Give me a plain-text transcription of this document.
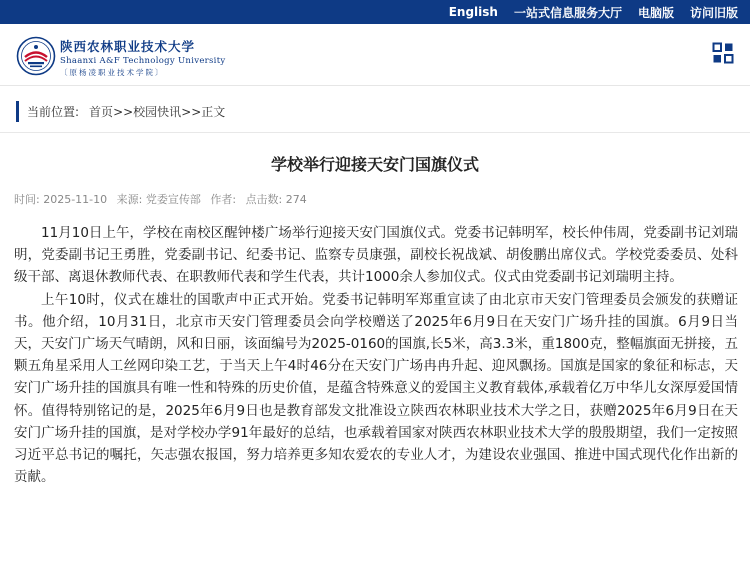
English 一站式信息服务大厅 电脑版 访问旧版
陕西农林职业技术大学
Shaanxi A&F Technology University
〔原杨凌职业技术学院〕
当前位置: 首页 >> 校园快讯 >> 正文
学校举行迎接天安门国旗仪式
时间: 2025-11-10 来源: 党委宣传部 作者: 点击数: 274

11月10日上午，学校在南校区醒钟楼广场举行迎接天安门国旗仪式。党委书记韩明军，校长仲伟周，党委副书记刘瑞明，党委副书记王勇胜，党委副书记、纪委书记、监察专员康强，副校长祝战斌、胡俊鹏出席仪式。学校党委委员、处科级干部、离退休教师代表、在职教师代表和学生代表，共计1000余人参加仪式。仪式由党委副书记刘瑞明主持。

上午10时，仪式在雄壮的国歌声中正式开始。党委书记韩明军郑重宣读了由北京市天安门管理委员会颁发的获赠证书。他介绍，10月31日，北京市天安门管理委员会向学校赠送了2025年6月9日在天安门广场升挂的国旗。6月9日当天，天安门广场天气晴朗，风和日丽，该面编号为2025-0160的国旗,长5米，高3.3米，重1800克，整幅旗面无拼接，五颗五角星采用人工丝网印染工艺，于当天上午4时46分在天安门广场冉冉升起、迎风飘扬。国旗是国家的象征和标志，天安门广场升挂的国旗具有唯一性和特殊的历史价值，是蕴含特殊意义的爱国主义教育载体,承载着亿万中华儿女深厚爱国情怀。值得特别铭记的是，2025年6月9日也是教育部发文批准设立陕西农林职业技术大学之日，获赠2025年6月9日在天安门广场升挂的国旗，是对学校办学91年最好的总结，也承载着国家对陕西农林职业技术大学的殷殷期望，我们一定按照习近平总书记的嘱托，矢志强农报国，努力培养更多知农爱农的专业人才，为建设农业强国、推进中国式现代化作出新的贡献。
